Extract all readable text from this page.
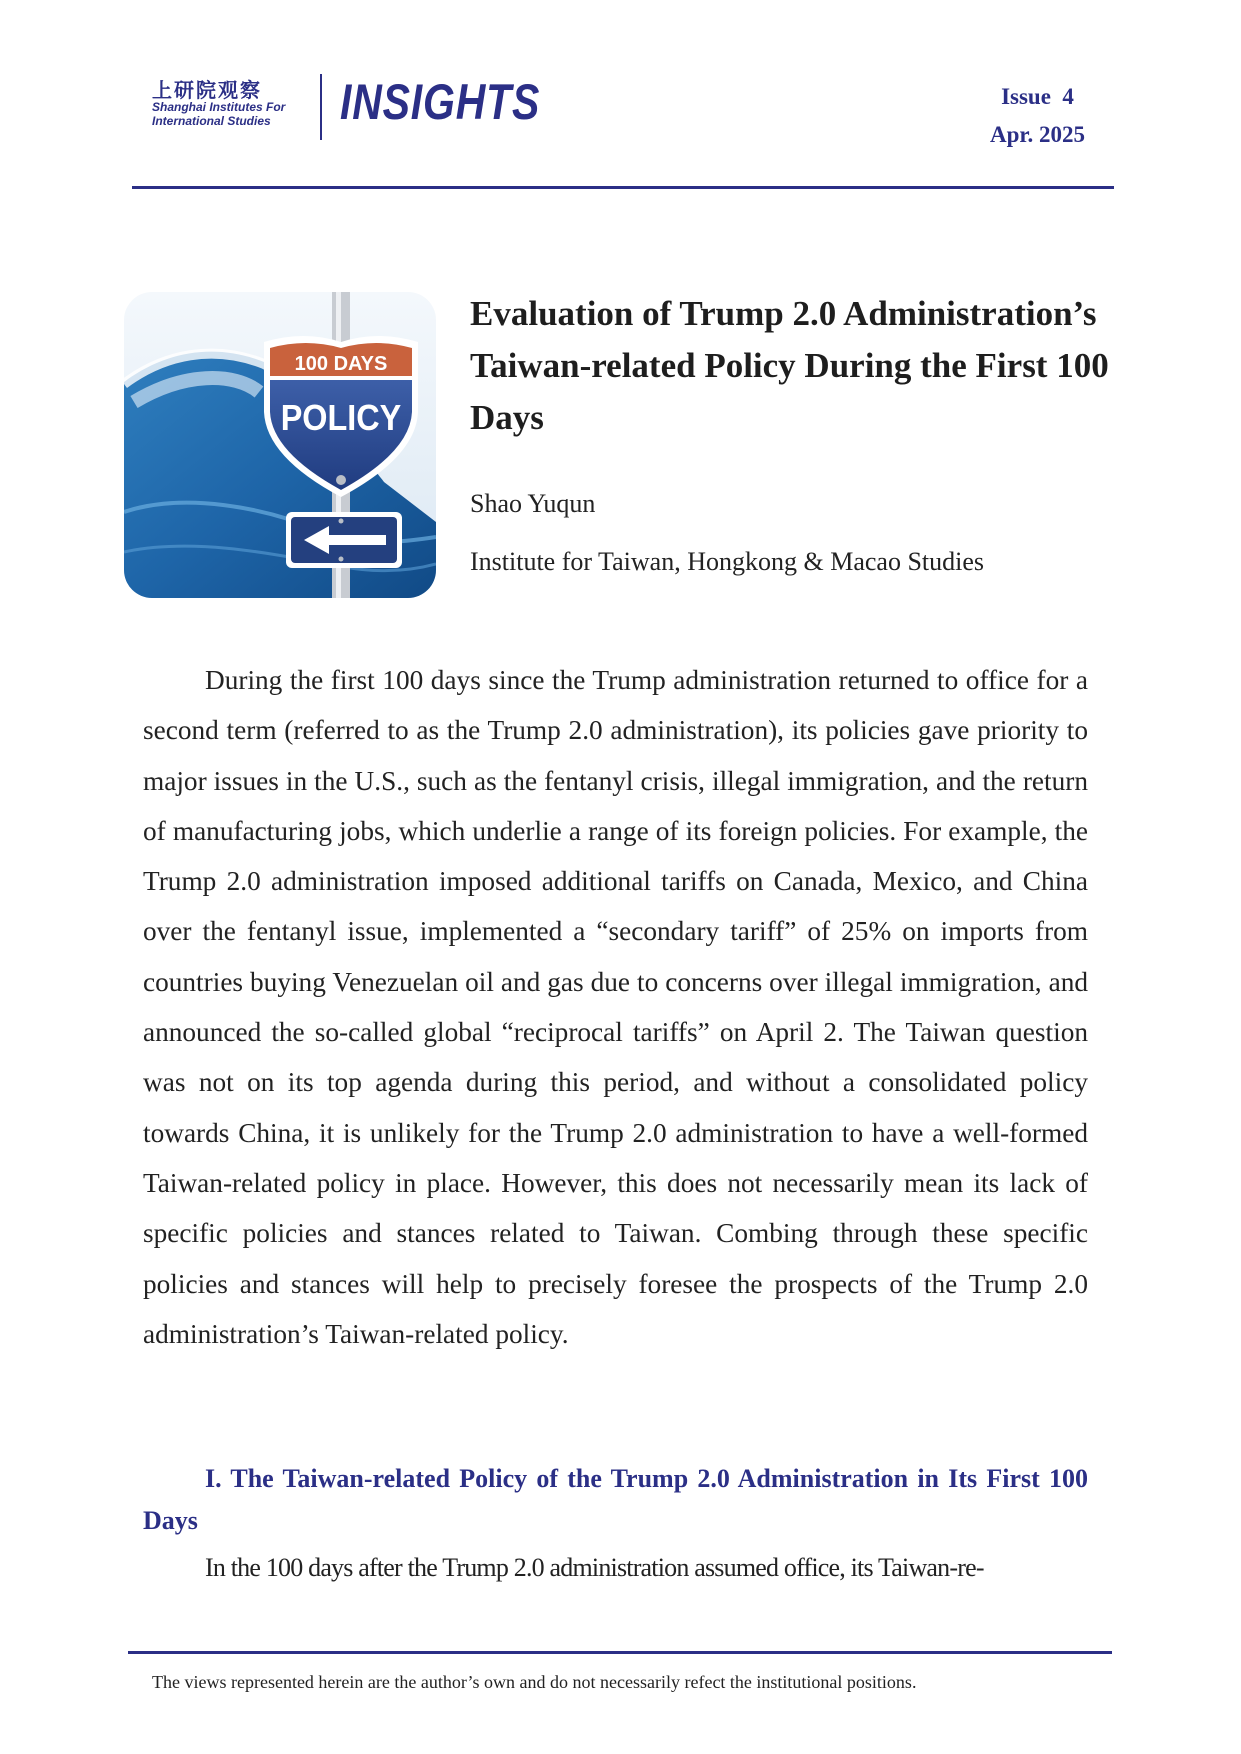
上研院观察
Shanghai Institutes For
International Studies	INSIGHTS	Issue  4
Apr. 2025
100 DAYS
POLICY
Evaluation of Trump 2.0 Administration’s Taiwan-related Policy During the First 100 Days
Shao Yuqun
Institute for Taiwan, Hongkong & Macao Studies

During the first 100 days since the Trump administration returned to office for a second term (referred to as the Trump 2.0 administration), its policies gave priority to major issues in the U.S., such as the fentanyl crisis, illegal immigration, and the return of manufacturing jobs, which underlie a range of its foreign policies. For example, the Trump 2.0 administration imposed additional tariffs on Canada, Mexico, and China over the fentanyl issue, implemented a “secondary tariff” of 25% on imports from countries buying Venezuelan oil and gas due to concerns over illegal immigration, and announced the so-called global “reciprocal tariffs” on April 2. The Taiwan question was not on its top agenda during this period, and without a consolidated policy towards China, it is unlikely for the Trump 2.0 administration to have a well-formed Taiwan-related policy in place. However, this does not necessarily mean its lack of specific policies and stances related to Taiwan. Combing through these specific policies and stances will help to precisely foresee the prospects of the Trump 2.0 administration’s Taiwan-related policy.

I. The Taiwan-related Policy of the Trump 2.0 Administration in Its First 100 Days
In the 100 days after the Trump 2.0 administration assumed office, its Taiwan-re-
The views represented herein are the author’s own and do not necessarily refect the institutional positions.
